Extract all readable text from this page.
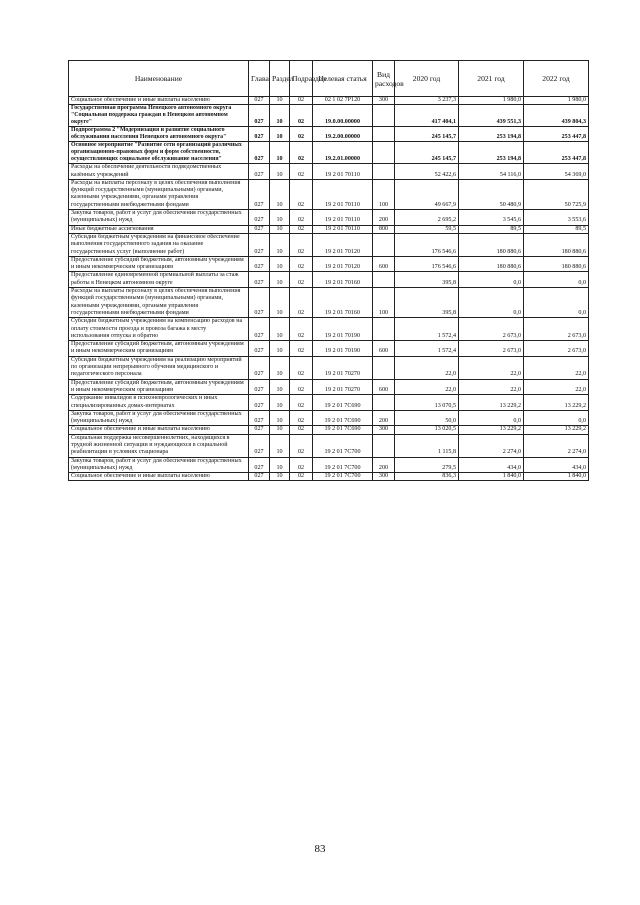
Наименование	Глава	Раздел	Подраздел	Целевая статья	Вид расходов	2020 год	2021 год	2022 год
Социальное обеспечение и иные выплаты населению	027	10	02	02 1 02 7Р120	300	3 237,3	1 980,0	1 980,0
Государственная программа Ненецкого автономного округа "Социальная поддержка граждан в Ненецком автономном округе"	027	10	02	19.0.00.00000		417 404,1	439 551,3	439 804,3
Подпрограмма 2 "Модернизация и развитие социального обслуживания населения Ненецкого автономного округа"	027	10	02	19.2.00.00000		245 145,7	253 194,8	253 447,8
Основное мероприятие "Развитие сети организаций различных организационно-правовых форм и форм собственности, осуществляющих социальное обслуживание населения"	027	10	02	19.2.01.00000		245 145,7	253 194,8	253 447,8
Расходы на обеспечение деятельности подведомственных казённых учреждений	027	10	02	19 2 01 70110		52 422,6	54 116,0	54 369,0
Расходы на выплаты персоналу в целях обеспечения выполнения функций государственными (муниципальными) органами, казенными учреждениями, органами управления государственными внебюджетными фондами	027	10	02	19 2 01 70110	100	49 667,9	50 480,9	50 725,9
Закупка товаров, работ и услуг для обеспечения государственных (муниципальных) нужд	027	10	02	19 2 01 70110	200	2 695,2	3 545,6	3 553,6
Иные бюджетные ассигнования	027	10	02	19 2 01 70110	800	59,5	89,5	89,5
Субсидии бюджетным учреждениям на финансовое обеспечение выполнения государственного задания на оказание государственных услуг (выполнение работ)	027	10	02	19 2 01 70120		176 546,6	180 880,6	180 880,6
Предоставление субсидий бюджетным, автономным учреждениям и иным некоммерческим организациям	027	10	02	19 2 01 70120	600	176 546,6	180 880,6	180 880,6
Предоставление единовременной премиальной выплаты за стаж работы в Ненецком автономном округе	027	10	02	19 2 01 70160		395,8	0,0	0,0
Расходы на выплаты персоналу в целях обеспечения выполнения функций государственными (муниципальными) органами, казенными учреждениями, органами управления государственными внебюджетными фондами	027	10	02	19 2 01 70160	100	395,8	0,0	0,0
Субсидии бюджетным учреждениям на компенсацию расходов на оплату стоимости проезда и провоза багажа к месту использования отпуска и обратно	027	10	02	19 2 01 70190		1 572,4	2 673,0	2 673,0
Предоставление субсидий бюджетным, автономным учреждениям и иным некоммерческим организациям	027	10	02	19 2 01 70190	600	1 572,4	2 673,0	2 673,0
Субсидии бюджетным учреждениям на реализацию мероприятий по организации непрерывного обучения медицинского и педагогического персонала	027	10	02	19 2 01 70270		22,0	22,0	22,0
Предоставление субсидий бюджетным, автономным учреждениям и иным некоммерческим организациям	027	10	02	19 2 01 70270	600	22,0	22,0	22,0
Содержание инвалидов в психоневрологических и иных специализированных домах-интернатах	027	10	02	19 2 01 7С690		13 070,5	13 229,2	13 229,2
Закупка товаров, работ и услуг для обеспечения государственных (муниципальных) нужд	027	10	02	19 2 01 7С690	200	50,0	0,0	0,0
Социальное обеспечение и иные выплаты населению	027	10	02	19 2 01 7С690	300	13 020,5	13 229,2	13 229,2
Социальная поддержка несовершеннолетних, находящихся в трудной жизненной ситуации и нуждающихся в социальной реабилитации в условиях стационара	027	10	02	19 2 01 7С700		1 115,8	2 274,0	2 274,0
Закупка товаров, работ и услуг для обеспечения государственных (муниципальных) нужд	027	10	02	19 2 01 7С700	200	279,5	434,0	434,0
Социальное обеспечение и иные выплаты населению	027	10	02	19 2 01 7С700	300	836,3	1 840,0	1 840,0
83
